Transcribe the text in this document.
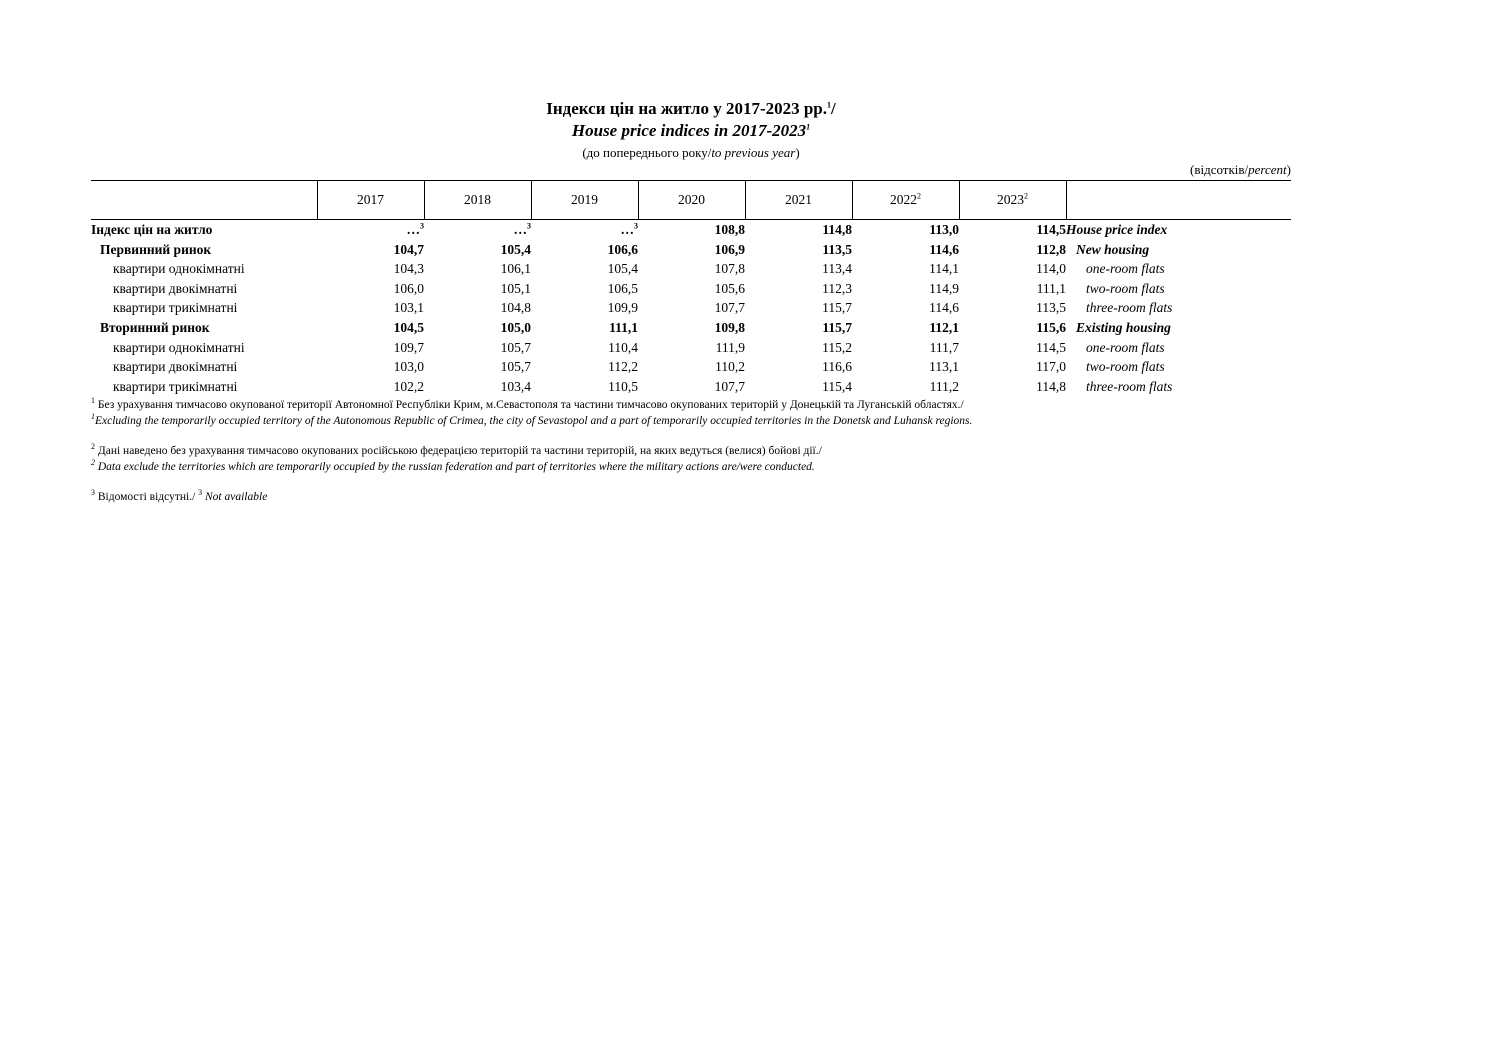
Індекси цін на житло у 2017-2023 рр.$^1$/
House price indices in 2017-2023$^1$
(до попереднього року/to previous year)
(відсотків/percent)
	2017	2018	2019	2020	2021	2022$^2$	2023$^2$	
Індекс цін на житло	…$^3$	…$^3$	…$^3$	108,8	114,8	113,0	114,5	House price index
Первинний ринок	104,7	105,4	106,6	106,9	113,5	114,6	112,8	New housing
квартири однокімнатні	104,3	106,1	105,4	107,8	113,4	114,1	114,0	one-room flats
квартири двокімнатні	106,0	105,1	106,5	105,6	112,3	114,9	111,1	two-room flats
квартири трикімнатні	103,1	104,8	109,9	107,7	115,7	114,6	113,5	three-room flats
Вторинний ринок	104,5	105,0	111,1	109,8	115,7	112,1	115,6	Existing housing
квартири однокімнатні	109,7	105,7	110,4	111,9	115,2	111,7	114,5	one-room flats
квартири двокімнатні	103,0	105,7	112,2	110,2	116,6	113,1	117,0	two-room flats
квартири трикімнатні	102,2	103,4	110,5	107,7	115,4	111,2	114,8	three-room flats
$^1$ Без урахування тимчасово окупованої території Автономної Республіки Крим, м.Севастополя та частини тимчасово окупованих територій у Донецькій та Луганській областях./
$^1$Excluding the temporarily occupied territory of the Autonomous Republic of Crimea, the city of Sevastopol and a part of temporarily occupied territories in the Donetsk and Luhansk regions.
$^2$ Дані наведено без урахування тимчасово окупованих російською федерацією територій та частини територій, на яких ведуться (велися) бойові дії./
$^2$ Data exclude the territories which are temporarily occupied by the russian federation and part of territories where the military actions are/were conducted.
$^3$ Відомості відсутні./ $^3$ Not available
